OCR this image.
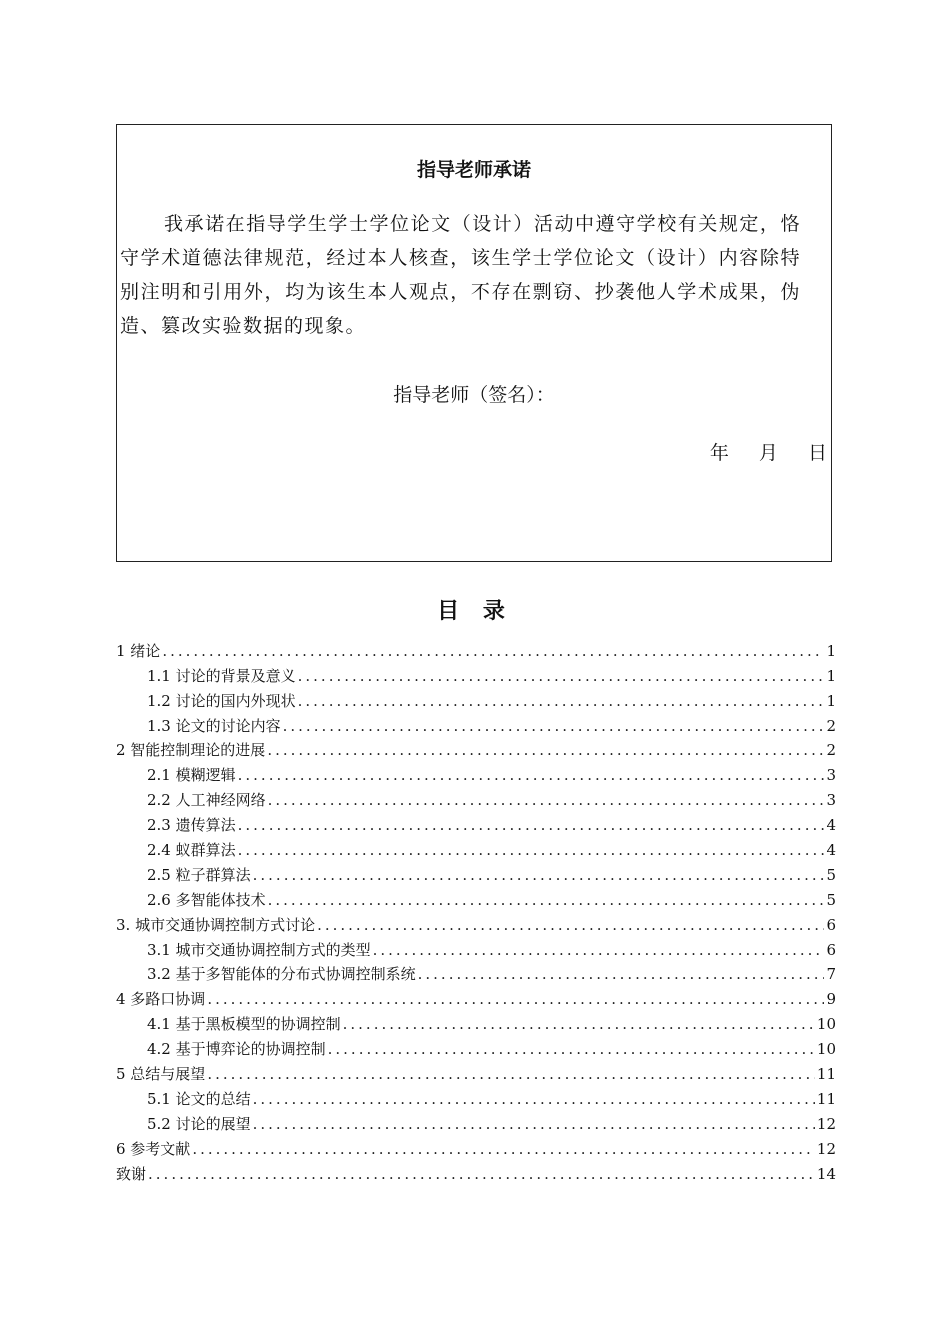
指导老师承诺

我承诺在指导学生学士学位论文（设计）活动中遵守学校有关规定，恪守学术道德法律规范，经过本人核查，该生学士学位论文（设计）内容除特别注明和引用外，均为该生本人观点，不存在剽窃、抄袭他人学术成果，伪造、篡改实验数据的现象。

指导老师（签名）：
年 月 日
目 录
1 绪论 .....	1
1.1 讨论的背景及意义 .....	1
1.2 讨论的国内外现状 .....	1
1.3 论文的讨论内容 .....	2
2 智能控制理论的进展 .....	2
2.1 模糊逻辑 .....	3
2.2 人工神经网络 .....	3
2.3 遗传算法 .....	4
2.4 蚁群算法 .....	4
2.5 粒子群算法 .....	5
2.6 多智能体技术 .....	5
3. 城市交通协调控制方式讨论 .....	6
3.1 城市交通协调控制方式的类型 .....	6
3.2 基于多智能体的分布式协调控制系统 .....	7
4 多路口协调 .....	9
4.1 基于黑板模型的协调控制 .....	10
4.2 基于博弈论的协调控制 .....	10
5 总结与展望 .....	11
5.1 论文的总结 .....	11
5.2 讨论的展望 .....	12
6 参考文献 .....	12
致谢 .....	14
